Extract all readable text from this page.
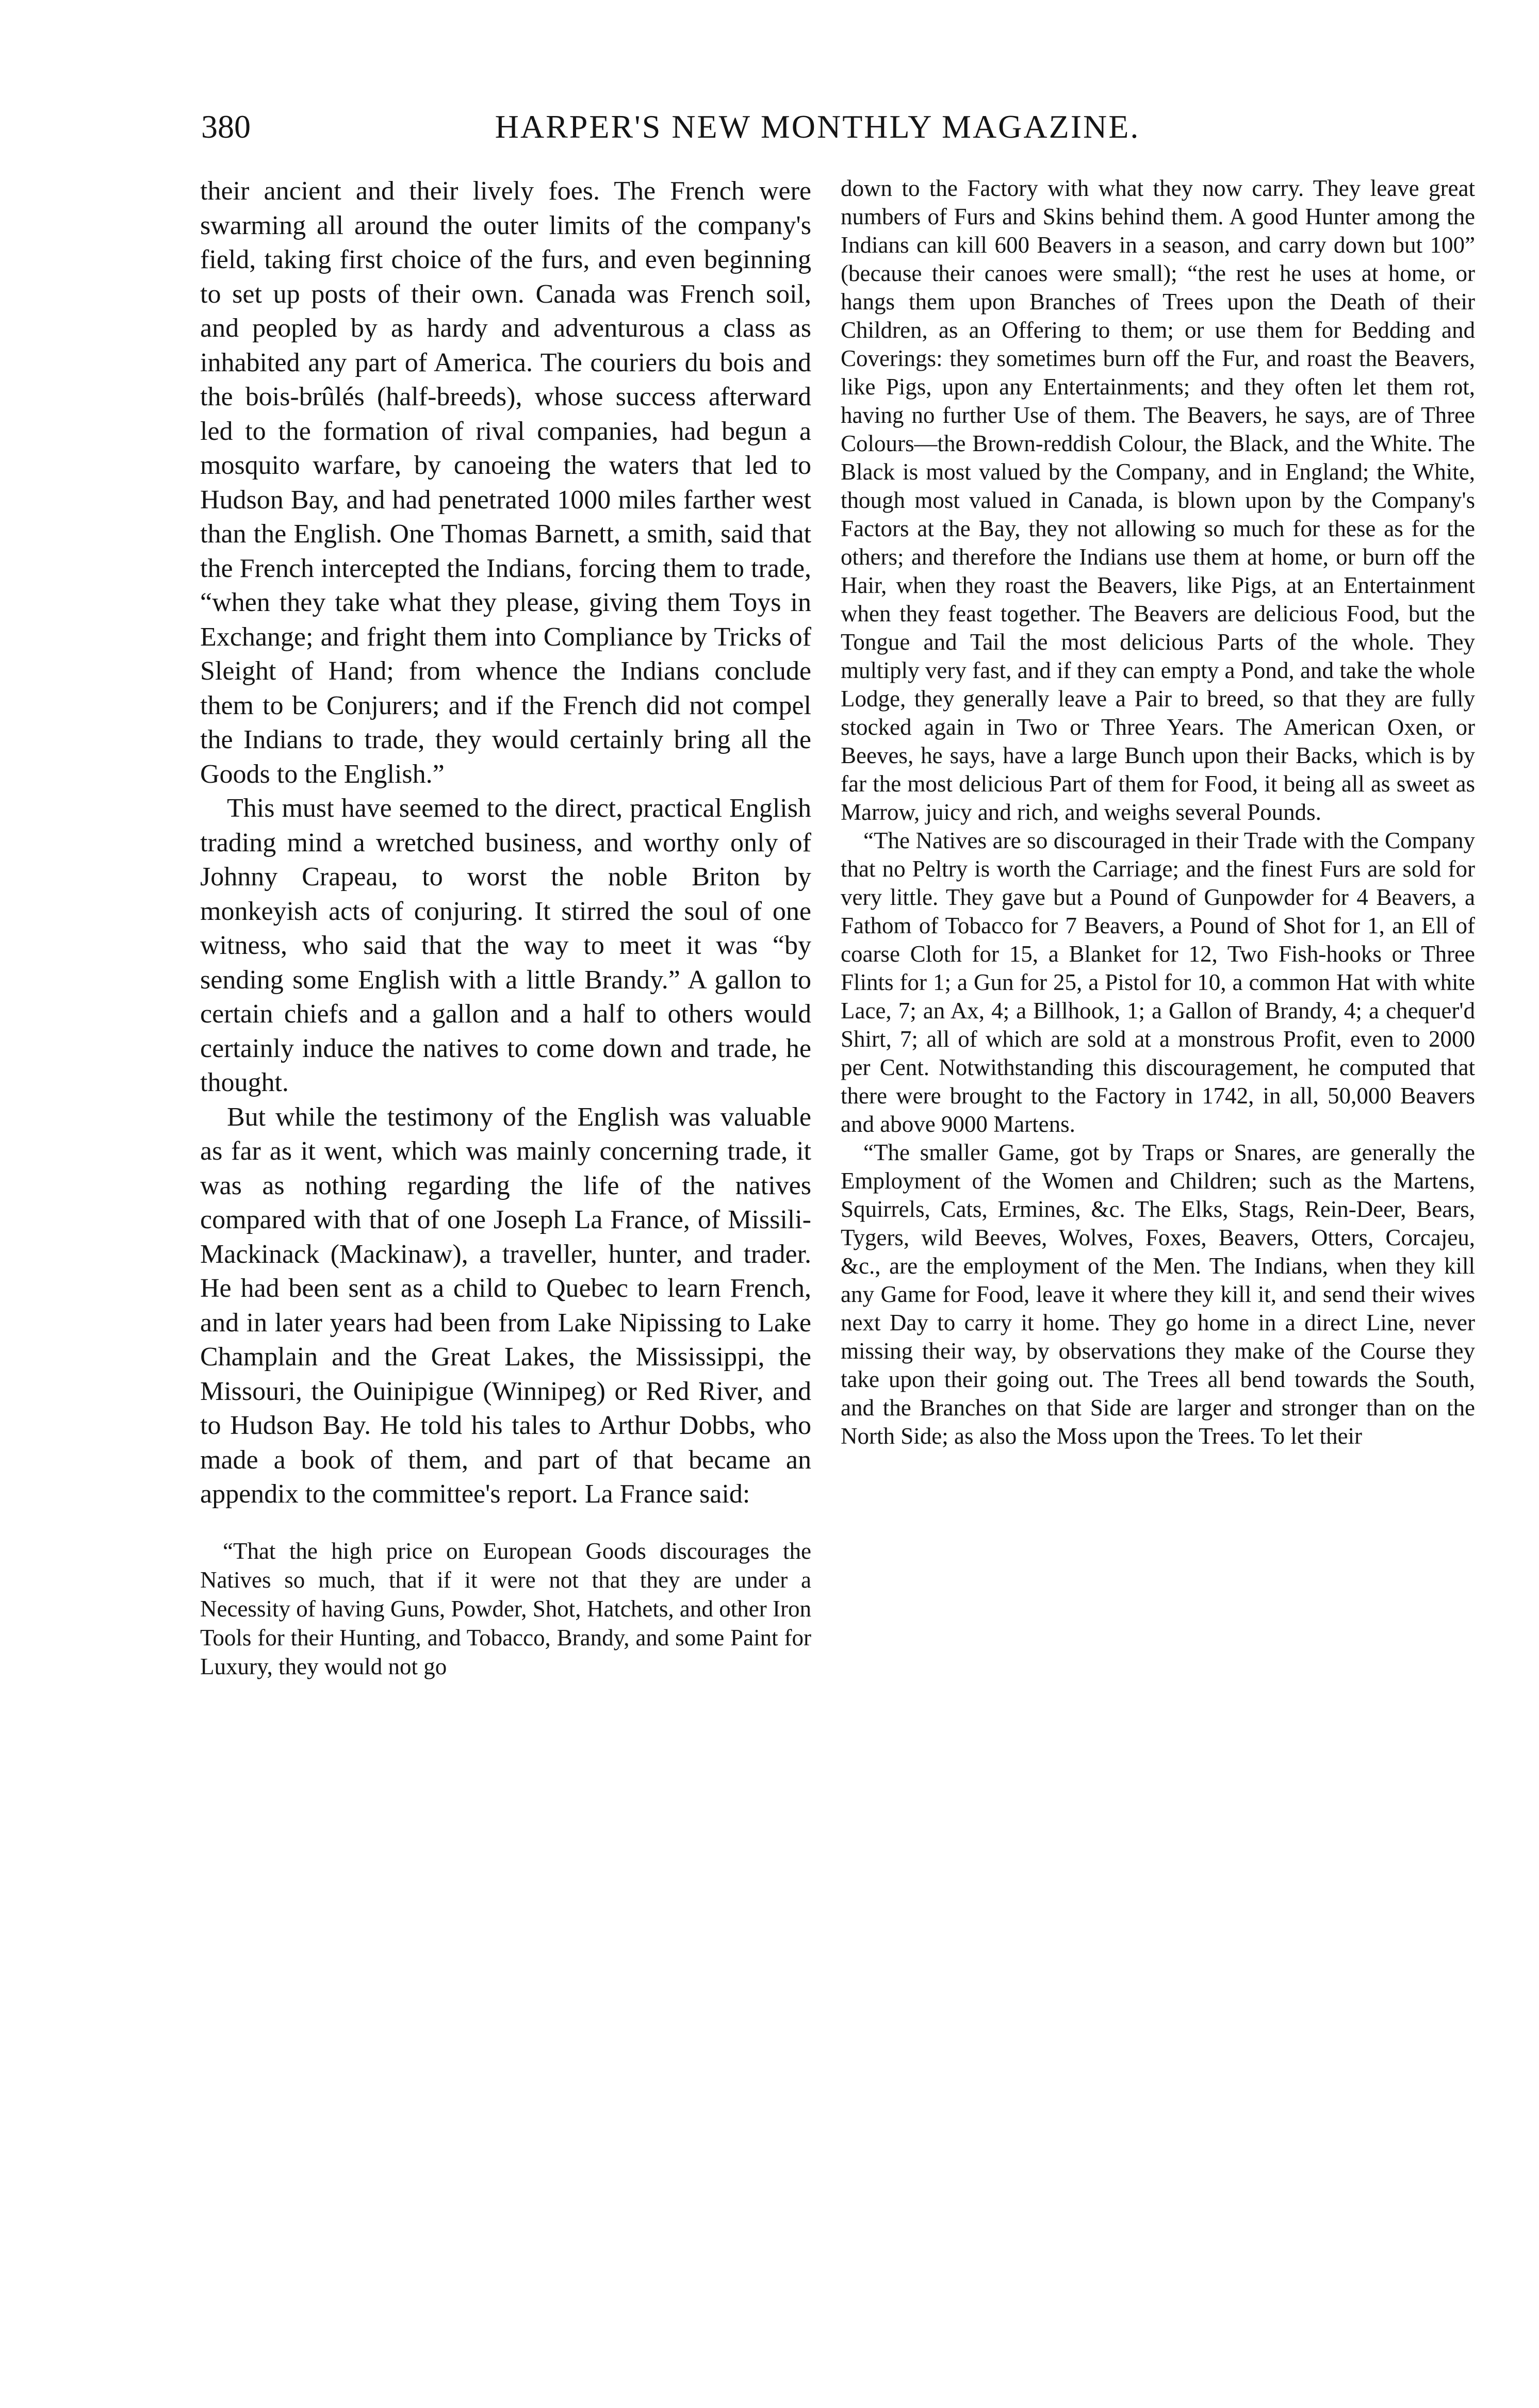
380	HARPER'S NEW MONTHLY MAGAZINE.

their ancient and their lively foes. The French were swarming all around the outer limits of the company's field, taking first choice of the furs, and even beginning to set up posts of their own. Canada was French soil, and peopled by as hardy and adventurous a class as inhabited any part of America. The couriers du bois and the bois-brûlés (half-breeds), whose success afterward led to the formation of rival companies, had begun a mosquito warfare, by canoeing the waters that led to Hudson Bay, and had penetrated 1000 miles farther west than the English. One Thomas Barnett, a smith, said that the French intercepted the Indians, forcing them to trade, “when they take what they please, giving them Toys in Exchange; and fright them into Compliance by Tricks of Sleight of Hand; from whence the Indians conclude them to be Conjurers; and if the French did not compel the Indians to trade, they would certainly bring all the Goods to the English.”

This must have seemed to the direct, practical English trading mind a wretched business, and worthy only of Johnny Crapeau, to worst the noble Briton by monkeyish acts of conjuring. It stirred the soul of one witness, who said that the way to meet it was “by sending some English with a little Brandy.” A gallon to certain chiefs and a gallon and a half to others would certainly induce the natives to come down and trade, he thought.

But while the testimony of the English was valuable as far as it went, which was mainly concerning trade, it was as nothing regarding the life of the natives compared with that of one Joseph La France, of Missili-Mackinack (Mackinaw), a traveller, hunter, and trader. He had been sent as a child to Quebec to learn French, and in later years had been from Lake Nipissing to Lake Champlain and the Great Lakes, the Mississippi, the Missouri, the Ouinipigue (Winnipeg) or Red River, and to Hudson Bay. He told his tales to Arthur Dobbs, who made a book of them, and part of that became an appendix to the committee's report. La France said:

“That the high price on European Goods discourages the Natives so much, that if it were not that they are under a Necessity of having Guns, Powder, Shot, Hatchets, and other Iron Tools for their Hunting, and Tobacco, Brandy, and some Paint for Luxury, they would not go

down to the Factory with what they now carry. They leave great numbers of Furs and Skins behind them. A good Hunter among the Indians can kill 600 Beavers in a season, and carry down but 100” (because their canoes were small); “the rest he uses at home, or hangs them upon Branches of Trees upon the Death of their Children, as an Offering to them; or use them for Bedding and Coverings: they sometimes burn off the Fur, and roast the Beavers, like Pigs, upon any Entertainments; and they often let them rot, having no further Use of them. The Beavers, he says, are of Three Colours—the Brown-reddish Colour, the Black, and the White. The Black is most valued by the Company, and in England; the White, though most valued in Canada, is blown upon by the Company's Factors at the Bay, they not allowing so much for these as for the others; and therefore the Indians use them at home, or burn off the Hair, when they roast the Beavers, like Pigs, at an Entertainment when they feast together. The Beavers are delicious Food, but the Tongue and Tail the most delicious Parts of the whole. They multiply very fast, and if they can empty a Pond, and take the whole Lodge, they generally leave a Pair to breed, so that they are fully stocked again in Two or Three Years. The American Oxen, or Beeves, he says, have a large Bunch upon their Backs, which is by far the most delicious Part of them for Food, it being all as sweet as Marrow, juicy and rich, and weighs several Pounds.

“The Natives are so discouraged in their Trade with the Company that no Peltry is worth the Carriage; and the finest Furs are sold for very little. They gave but a Pound of Gunpowder for 4 Beavers, a Fathom of Tobacco for 7 Beavers, a Pound of Shot for 1, an Ell of coarse Cloth for 15, a Blanket for 12, Two Fish-hooks or Three Flints for 1; a Gun for 25, a Pistol for 10, a common Hat with white Lace, 7; an Ax, 4; a Billhook, 1; a Gallon of Brandy, 4; a chequer'd Shirt, 7; all of which are sold at a monstrous Profit, even to 2000 per Cent. Notwithstanding this discouragement, he computed that there were brought to the Factory in 1742, in all, 50,000 Beavers and above 9000 Martens.

“The smaller Game, got by Traps or Snares, are generally the Employment of the Women and Children; such as the Martens, Squirrels, Cats, Ermines, &c. The Elks, Stags, Rein-Deer, Bears, Tygers, wild Beeves, Wolves, Foxes, Beavers, Otters, Corcajeu, &c., are the employment of the Men. The Indians, when they kill any Game for Food, leave it where they kill it, and send their wives next Day to carry it home. They go home in a direct Line, never missing their way, by observations they make of the Course they take upon their going out. The Trees all bend towards the South, and the Branches on that Side are larger and stronger than on the North Side; as also the Moss upon the Trees. To let their
